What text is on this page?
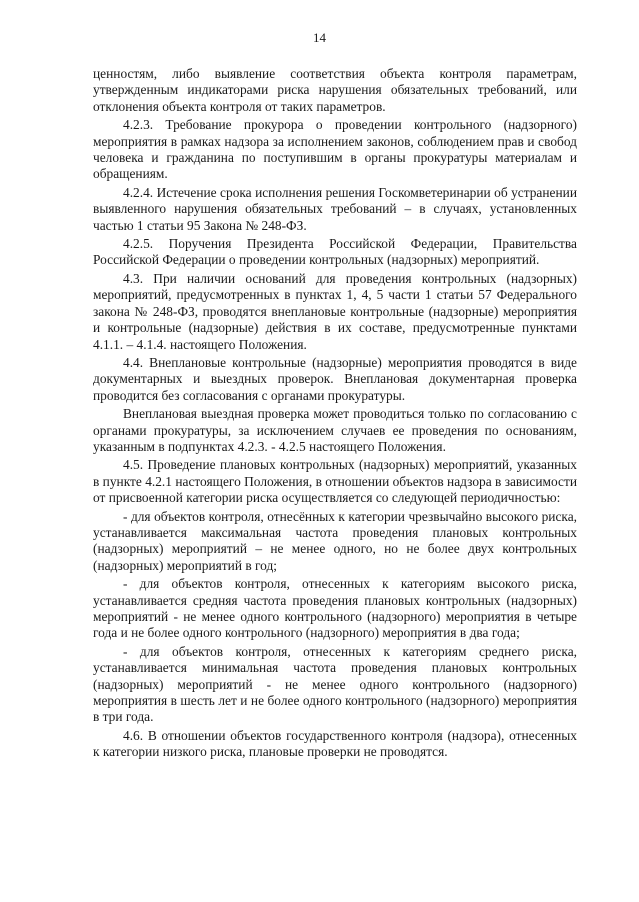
14

ценностям, либо выявление соответствия объекта контроля параметрам, утвержденным индикаторами риска нарушения обязательных требований, или отклонения объекта контроля от таких параметров.

4.2.3. Требование прокурора о проведении контрольного (надзорного) мероприятия в рамках надзора за исполнением законов, соблюдением прав и свобод человека и гражданина по поступившим в органы прокуратуры материалам и обращениям.

4.2.4. Истечение срока исполнения решения Госкомветеринарии об устранении выявленного нарушения обязательных требований – в случаях, установленных частью 1 статьи 95 Закона № 248-ФЗ.

4.2.5. Поручения Президента Российской Федерации, Правительства Российской Федерации о проведении контрольных (надзорных) мероприятий.

4.3. При наличии оснований для проведения контрольных (надзорных) мероприятий, предусмотренных в пунктах 1, 4, 5 части 1 статьи 57 Федерального закона № 248-ФЗ, проводятся внеплановые контрольные (надзорные) мероприятия и контрольные (надзорные) действия в их составе, предусмотренные пунктами 4.1.1. – 4.1.4. настоящего Положения.

4.4. Внеплановые контрольные (надзорные) мероприятия проводятся в виде документарных и выездных проверок. Внеплановая документарная проверка проводится без согласования с органами прокуратуры.

Внеплановая выездная проверка может проводиться только по согласованию с органами прокуратуры, за исключением случаев ее проведения по основаниям, указанным в подпунктах 4.2.3. - 4.2.5 настоящего Положения.

4.5. Проведение плановых контрольных (надзорных) мероприятий, указанных в пункте 4.2.1 настоящего Положения, в отношении объектов надзора в зависимости от присвоенной категории риска осуществляется со следующей периодичностью:

- для объектов контроля, отнесённых к категории чрезвычайно высокого риска, устанавливается максимальная частота проведения плановых контрольных (надзорных) мероприятий – не менее одного, но не более двух контрольных (надзорных) мероприятий в год;

- для объектов контроля, отнесенных к категориям высокого риска, устанавливается средняя частота проведения плановых контрольных (надзорных) мероприятий - не менее одного контрольного (надзорного) мероприятия в четыре года и не более одного контрольного (надзорного) мероприятия в два года;

- для объектов контроля, отнесенных к категориям среднего риска, устанавливается минимальная частота проведения плановых контрольных (надзорных) мероприятий - не менее одного контрольного (надзорного) мероприятия в шесть лет и не более одного контрольного (надзорного) мероприятия в три года.

4.6. В отношении объектов государственного контроля (надзора), отнесенных к категории низкого риска, плановые проверки не проводятся.
